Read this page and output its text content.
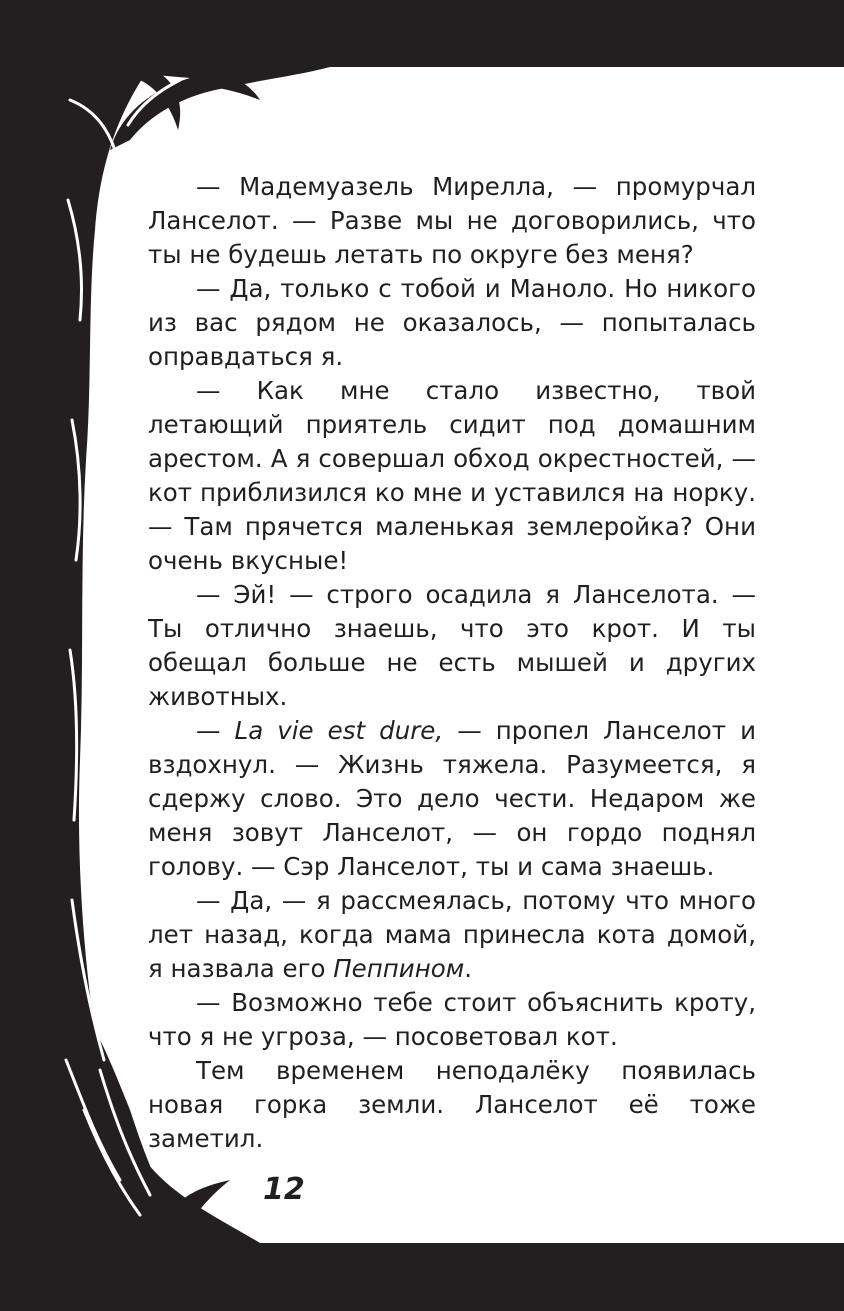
— Мадемуазель Мирелла, — промурчал Ланселот. — Разве мы не договорились, что ты не будешь летать по округе без меня?

— Да, только с тобой и Маноло. Но никого из вас рядом не оказалось, — попыталась оправдаться я.

— Как мне стало известно, твой летающий приятель сидит под домашним арестом. А я совершал обход окрестностей, — кот приблизился ко мне и уставился на норку. — Там прячется маленькая землеройка? Они очень вкусные!

— Эй! — строго осадила я Ланселота. — Ты отлично знаешь, что это крот. И ты обещал больше не есть мышей и других животных.

— La vie est dure, — пропел Ланселот и вздохнул. — Жизнь тяжела. Разумеется, я сдержу слово. Это дело чести. Недаром же меня зовут Ланселот, — он гордо поднял голову. — Сэр Ланселот, ты и сама знаешь.

— Да, — я рассмеялась, потому что много лет назад, когда мама принесла кота домой, я назвала его Пеппином.

— Возможно тебе стоит объяснить кроту, что я не угроза, — посоветовал кот.

Тем временем неподалёку появилась новая горка земли. Ланселот её тоже заметил.

12
